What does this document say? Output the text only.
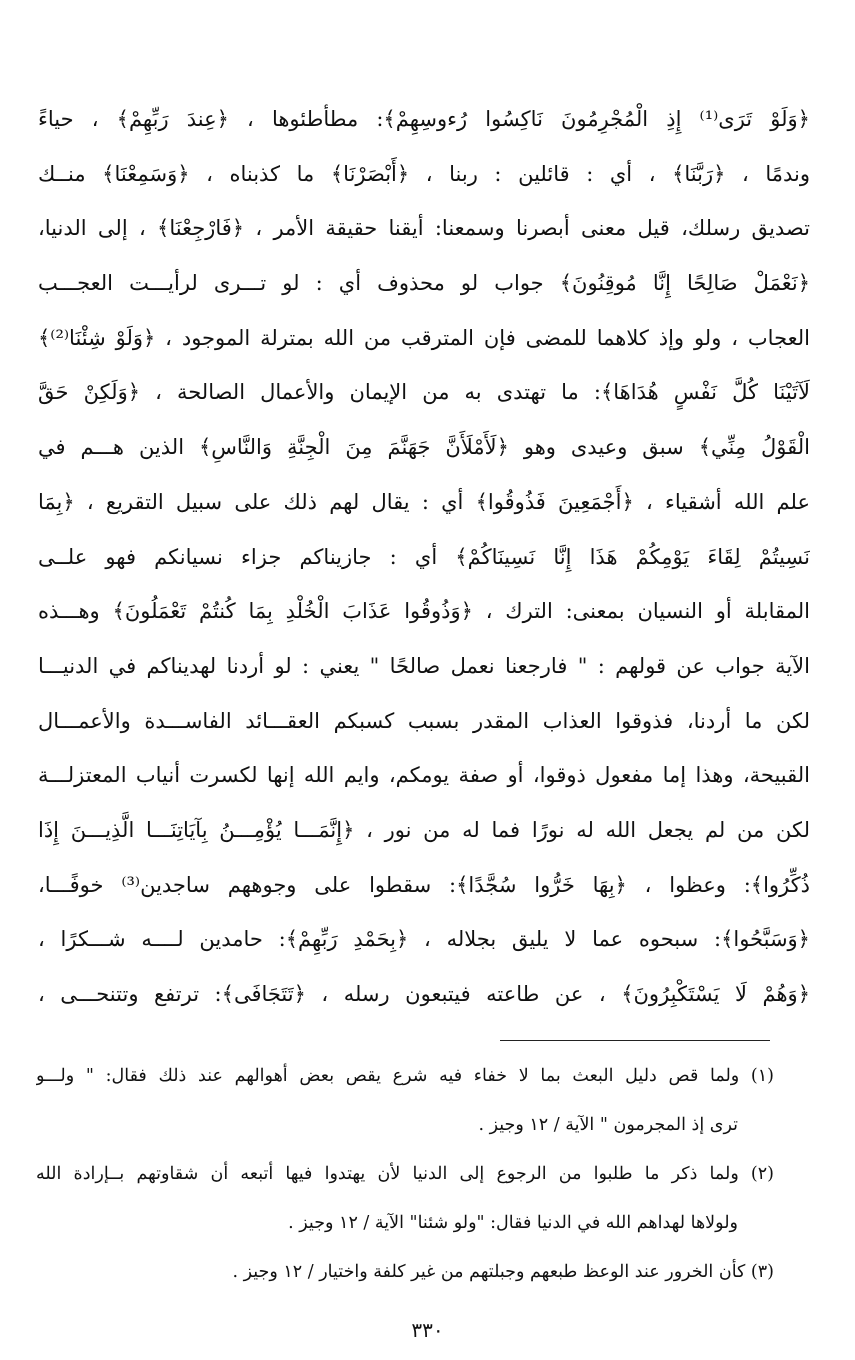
﴿وَلَوْ تَرَى⁽¹⁾ إِذِ الْمُجْرِمُونَ نَاكِسُوا رُءوسِهِمْ﴾: مطأطئوها ، ﴿عِندَ رَبِّهِمْ﴾ ، حياءً
وندمًا ، ﴿رَبَّنَا﴾ ، أي : قائلين : ربنا ، ﴿أَبْصَرْنَا﴾ ما كذبناه ، ﴿وَسَمِعْنَا﴾ منــك
تصديق رسلك، قيل معنى أبصرنا وسمعنا: أيقنا حقيقة الأمر ، ﴿فَارْجِعْنَا﴾ ، إلى الدنيا،
﴿نَعْمَلْ صَالِحًا إِنَّا مُوقِنُونَ﴾ جواب لو محذوف أي : لو تـــرى لرأيـــت العجـــب
العجاب ، ولو وإذ كلاهما للمضى فإن المترقب من الله بمترلة الموجود ، ﴿وَلَوْ شِئْنَا⁽²⁾﴾
لَآتَيْنَا كُلَّ نَفْسٍ هُدَاهَا﴾: ما تهتدى به من الإيمان والأعمال الصالحة ، ﴿وَلَكِنْ حَقَّ
الْقَوْلُ مِنِّي﴾ سبق وعيدى وهو ﴿لَأَمْلَأَنَّ جَهَنَّمَ مِنَ الْجِنَّةِ وَالنَّاسِ﴾ الذين هـــم في
علم الله أشقياء ، ﴿أَجْمَعِينَ فَذُوقُوا﴾ أي : يقال لهم ذلك على سبيل التقريع ، ﴿بِمَا
نَسِيتُمْ لِقَاءَ يَوْمِكُمْ هَذَا إِنَّا نَسِينَاكُمْ﴾ أي : جازيناكم جزاء نسيانكم فهو علــى
المقابلة أو النسيان بمعنى: الترك ، ﴿وَذُوقُوا عَذَابَ الْخُلْدِ بِمَا كُنتُمْ تَعْمَلُونَ﴾ وهـــذه
الآية جواب عن قولهم : " فارجعنا نعمل صالحًا " يعني : لو أردنا لهديناكم في الدنيـــا
لكن ما أردنا، فذوقوا العذاب المقدر بسبب كسبكم العقـــائد الفاســـدة والأعمـــال
القبيحة، وهذا إما مفعول ذوقوا، أو صفة يومكم، وايم الله إنها لكسرت أنياب المعتزلـــة
لكن من لم يجعل الله له نورًا فما له من نور ، ﴿إِنَّمَـــا يُؤْمِـــنُ بِآيَاتِنَـــا الَّذِيـــنَ إِذَا
ذُكِّرُوا﴾: وعظوا ، ﴿بِهَا خَرُّوا سُجَّدًا﴾: سقطوا على وجوههم ساجدين⁽³⁾ خوفًـــا،
﴿وَسَبَّحُوا﴾: سبحوه عما لا يليق بجلاله ، ﴿بِحَمْدِ رَبِّهِمْ﴾: حامدين لــــه شـــكرًا ،
﴿وَهُمْ لَا يَسْتَكْبِرُونَ﴾ ، عن طاعته فيتبعون رسله ، ﴿تَتَجَافَى﴾: ترتفع وتتنحـــى ،
(١) ولما قص دليل البعث بما لا خفاء فيه شرع يقص بعض أهوالهم عند ذلك فقال: " ولـــو
ترى إذ المجرمون " الآية / ١٢ وجيز .
(٢) ولما ذكر ما طلبوا من الرجوع إلى الدنيا لأن يهتدوا فيها أتبعه أن شقاوتهم بــإرادة الله
ولولاها لهداهم الله في الدنيا فقال: "ولو شئنا" الآية / ١٢ وجيز .
(٣) كأن الخرور عند الوعظ طبعهم وجبلتهم من غير كلفة واختيار / ١٢ وجيز .
٣٣٠
